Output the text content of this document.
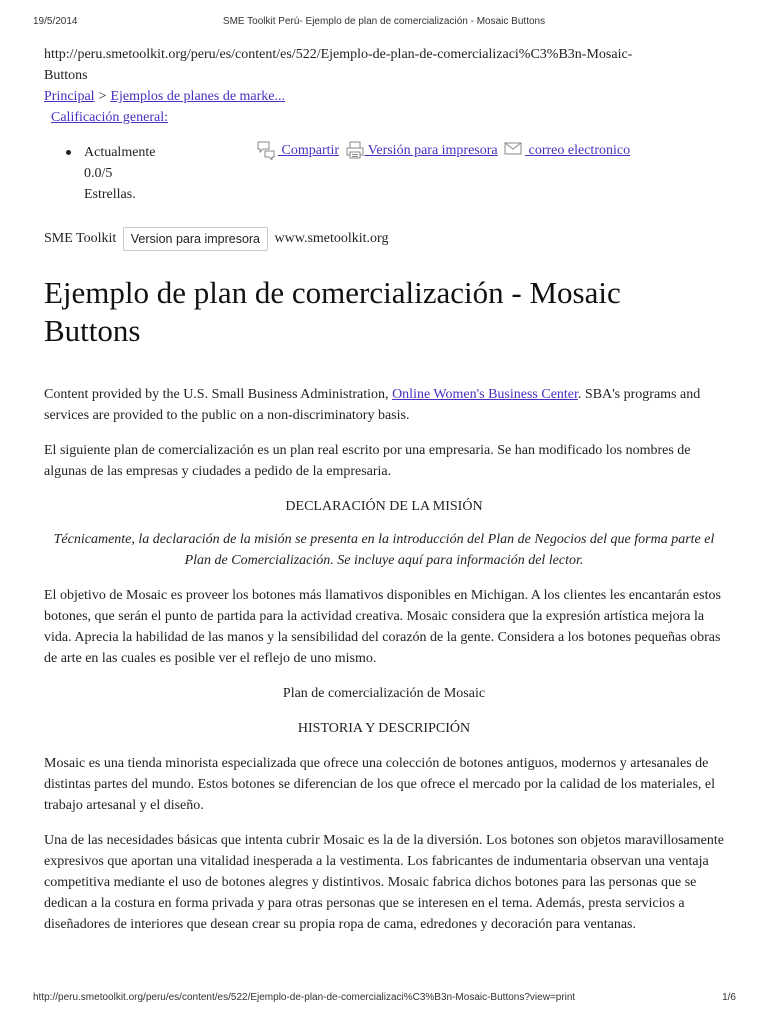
19/5/2014	SME Toolkit Perú- Ejemplo de plan de comercialización - Mosaic Buttons
http://peru.smetoolkit.org/peru/es/content/es/522/Ejemplo-de-plan-de-comercializaci%C3%B3n-Mosaic-
Buttons
Principal > Ejemplos de planes de marke...
Calificación general:
Actualmente
0.0/5
Estrellas.
Compartir  Versión para impresora  correo electronico
SME Toolkit Version para impresora www.smetoolkit.org
Ejemplo de plan de comercialización - Mosaic Buttons

Content provided by the U.S. Small Business Administration, Online Women's Business Center. SBA's programs and services are provided to the public on a non-discriminatory basis.

El siguiente plan de comercialización es un plan real escrito por una empresaria. Se han modificado los nombres de algunas de las empresas y ciudades a pedido de la empresaria.

DECLARACIÓN DE LA MISIÓN

Técnicamente, la declaración de la misión se presenta en la introducción del Plan de Negocios del que forma parte el Plan de Comercialización. Se incluye aquí para información del lector.

El objetivo de Mosaic es proveer los botones más llamativos disponibles en Michigan. A los clientes les encantarán estos botones, que serán el punto de partida para la actividad creativa. Mosaic considera que la expresión artística mejora la vida. Aprecia la habilidad de las manos y la sensibilidad del corazón de la gente. Considera a los botones pequeñas obras de arte en las cuales es posible ver el reflejo de uno mismo.

Plan de comercialización de Mosaic

HISTORIA Y DESCRIPCIÓN

Mosaic es una tienda minorista especializada que ofrece una colección de botones antiguos, modernos y artesanales de distintas partes del mundo. Estos botones se diferencian de los que ofrece el mercado por la calidad de los materiales, el trabajo artesanal y el diseño.

Una de las necesidades básicas que intenta cubrir Mosaic es la de la diversión. Los botones son objetos maravillosamente expresivos que aportan una vitalidad inesperada a la vestimenta. Los fabricantes de indumentaria observan una ventaja competitiva mediante el uso de botones alegres y distintivos. Mosaic fabrica dichos botones para las personas que se dedican a la costura en forma privada y para otras personas que se interesen en el tema. Además, presta servicios a diseñadores de interiores que desean crear su propia ropa de cama, edredones y decoración para ventanas.

http://peru.smetoolkit.org/peru/es/content/es/522/Ejemplo-de-plan-de-comercializaci%C3%B3n-Mosaic-Buttons?view=print	1/6
